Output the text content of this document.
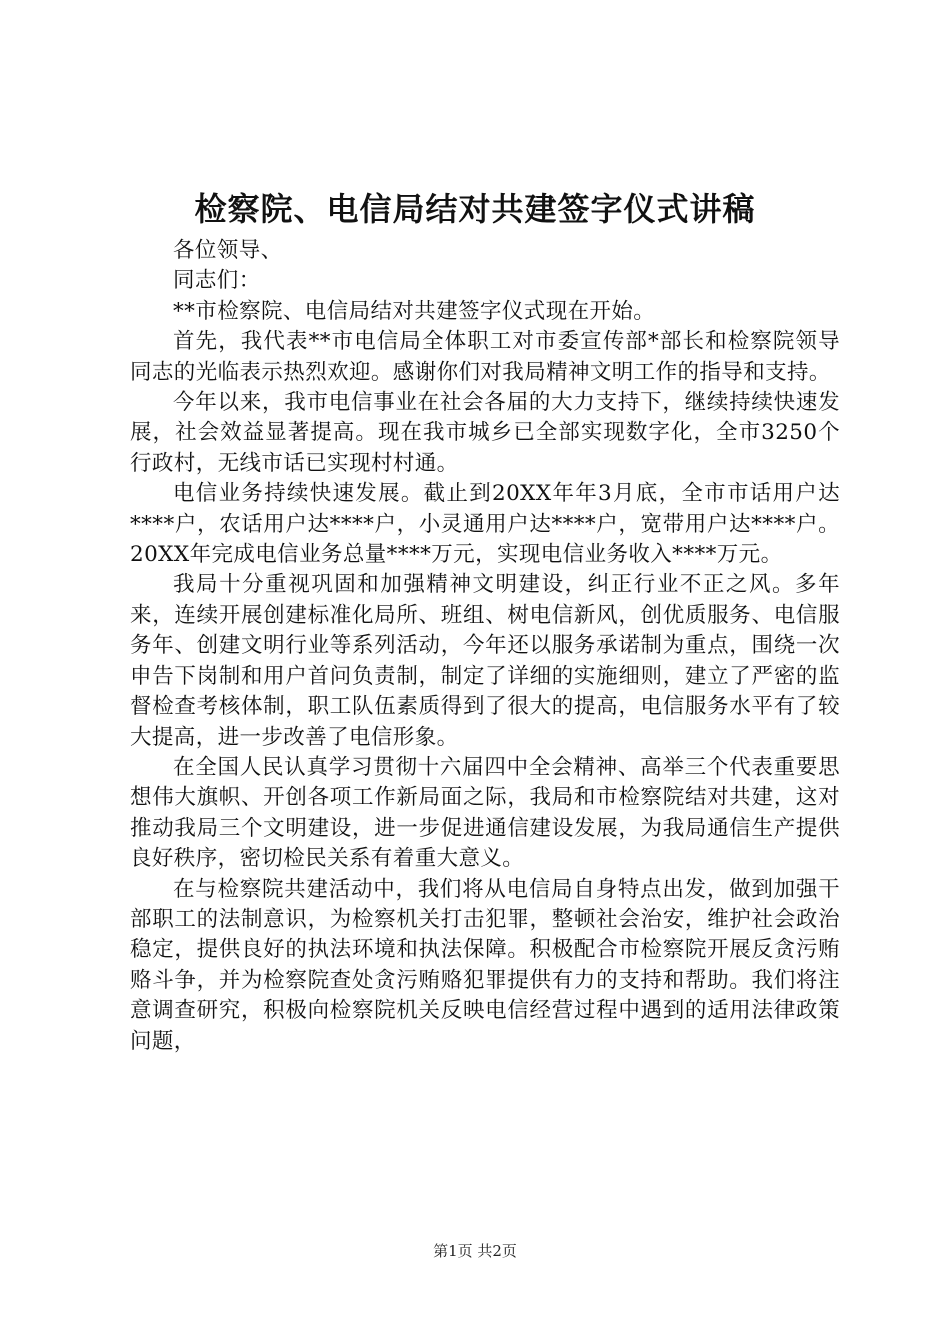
检察院、电信局结对共建签字仪式讲稿

各位领导、

同志们：

**市检察院、电信局结对共建签字仪式现在开始。

首先，我代表**市电信局全体职工对市委宣传部*部长和检察院领导同志的光临表示热烈欢迎。感谢你们对我局精神文明工作的指导和支持。

今年以来，我市电信事业在社会各届的大力支持下，继续持续快速发展，社会效益显著提高。现在我市城乡已全部实现数字化，全市3250个行政村，无线市话已实现村村通。

电信业务持续快速发展。截止到20XX年年3月底，全市市话用户达****户，农话用户达****户，小灵通用户达****户，宽带用户达****户。20XX年完成电信业务总量****万元，实现电信业务收入****万元。

我局十分重视巩固和加强精神文明建设，纠正行业不正之风。多年来，连续开展创建标准化局所、班组、树电信新风，创优质服务、电信服务年、创建文明行业等系列活动，今年还以服务承诺制为重点，围绕一次申告下岗制和用户首问负责制，制定了详细的实施细则，建立了严密的监督检查考核体制，职工队伍素质得到了很大的提高，电信服务水平有了较大提高，进一步改善了电信形象。

在全国人民认真学习贯彻十六届四中全会精神、高举三个代表重要思想伟大旗帜、开创各项工作新局面之际，我局和市检察院结对共建，这对推动我局三个文明建设，进一步促进通信建设发展，为我局通信生产提供良好秩序，密切检民关系有着重大意义。

在与检察院共建活动中，我们将从电信局自身特点出发，做到加强干部职工的法制意识，为检察机关打击犯罪，整顿社会治安，维护社会政治稳定，提供良好的执法环境和执法保障。积极配合市检察院开展反贪污贿赂斗争，并为检察院查处贪污贿赂犯罪提供有力的支持和帮助。我们将注意调查研究，积极向检察院机关反映电信经营过程中遇到的适用法律政策问题，

第1页 共2页
